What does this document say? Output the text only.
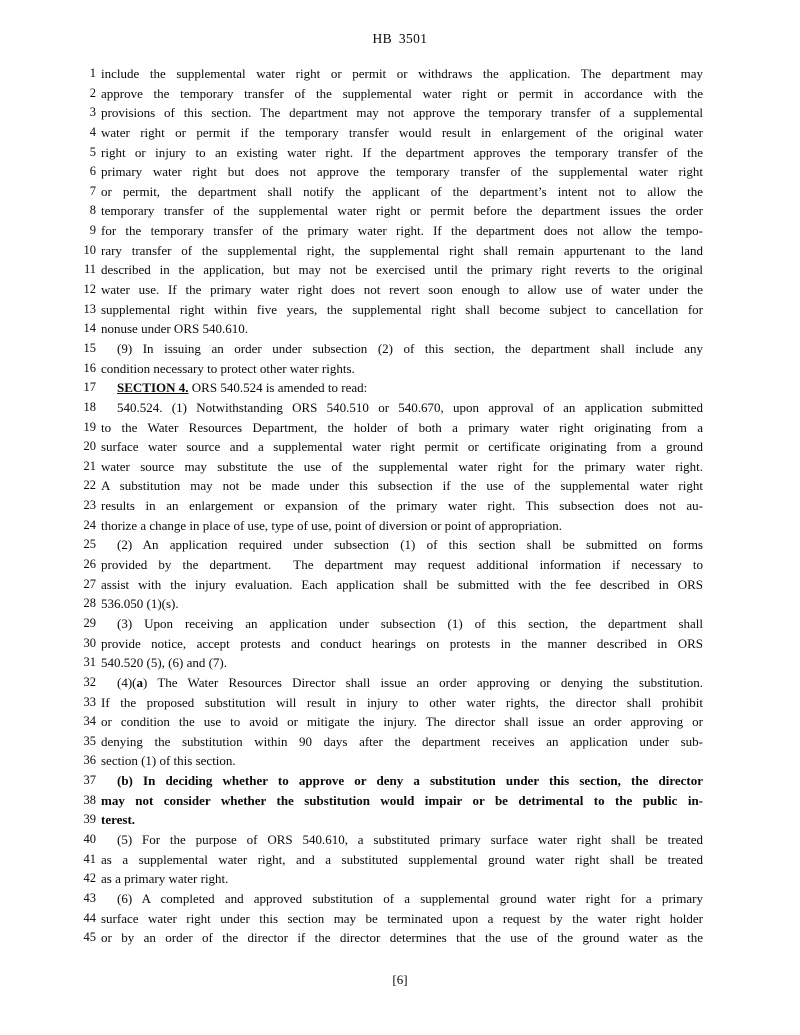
HB 3501
1 include the supplemental water right or permit or withdraws the application. The department may
2 approve the temporary transfer of the supplemental water right or permit in accordance with the
3 provisions of this section. The department may not approve the temporary transfer of a supplemental
4 water right or permit if the temporary transfer would result in enlargement of the original water
5 right or injury to an existing water right. If the department approves the temporary transfer of the
6 primary water right but does not approve the temporary transfer of the supplemental water right
7 or permit, the department shall notify the applicant of the department’s intent not to allow the
8 temporary transfer of the supplemental water right or permit before the department issues the order
9 for the temporary transfer of the primary water right. If the department does not allow the tempo-
10 rary transfer of the supplemental right, the supplemental right shall remain appurtenant to the land
11 described in the application, but may not be exercised until the primary right reverts to the original
12 water use. If the primary water right does not revert soon enough to allow use of water under the
13 supplemental right within five years, the supplemental right shall become subject to cancellation for
14 nonuse under ORS 540.610.
15	(9) In issuing an order under subsection (2) of this section, the department shall include any
16 condition necessary to protect other water rights.
17	SECTION 4. ORS 540.524 is amended to read:
18	540.524. (1) Notwithstanding ORS 540.510 or 540.670, upon approval of an application submitted
19 to the Water Resources Department, the holder of both a primary water right originating from a
20 surface water source and a supplemental water right permit or certificate originating from a ground
21 water source may substitute the use of the supplemental water right for the primary water right.
22 A substitution may not be made under this subsection if the use of the supplemental water right
23 results in an enlargement or expansion of the primary water right. This subsection does not au-
24 thorize a change in place of use, type of use, point of diversion or point of appropriation.
25	(2) An application required under subsection (1) of this section shall be submitted on forms
26 provided by the department.  The department may request additional information if necessary to
27 assist with the injury evaluation. Each application shall be submitted with the fee described in ORS
28 536.050 (1)(s).
29	(3) Upon receiving an application under subsection (1) of this section, the department shall
30 provide notice, accept protests and conduct hearings on protests in the manner described in ORS
31 540.520 (5), (6) and (7).
32	(4)(a) The Water Resources Director shall issue an order approving or denying the substitution.
33 If the proposed substitution will result in injury to other water rights, the director shall prohibit
34 or condition the use to avoid or mitigate the injury. The director shall issue an order approving or
35 denying the substitution within 90 days after the department receives an application under sub-
36 section (1) of this section.
37	(b) In deciding whether to approve or deny a substitution under this section, the director
38 may not consider whether the substitution would impair or be detrimental to the public in-
39 terest.
40	(5) For the purpose of ORS 540.610, a substituted primary surface water right shall be treated
41 as a supplemental water right, and a substituted supplemental ground water right shall be treated
42 as a primary water right.
43	(6) A completed and approved substitution of a supplemental ground water right for a primary
44 surface water right under this section may be terminated upon a request by the water right holder
45 or by an order of the director if the director determines that the use of the ground water as the
[6]
